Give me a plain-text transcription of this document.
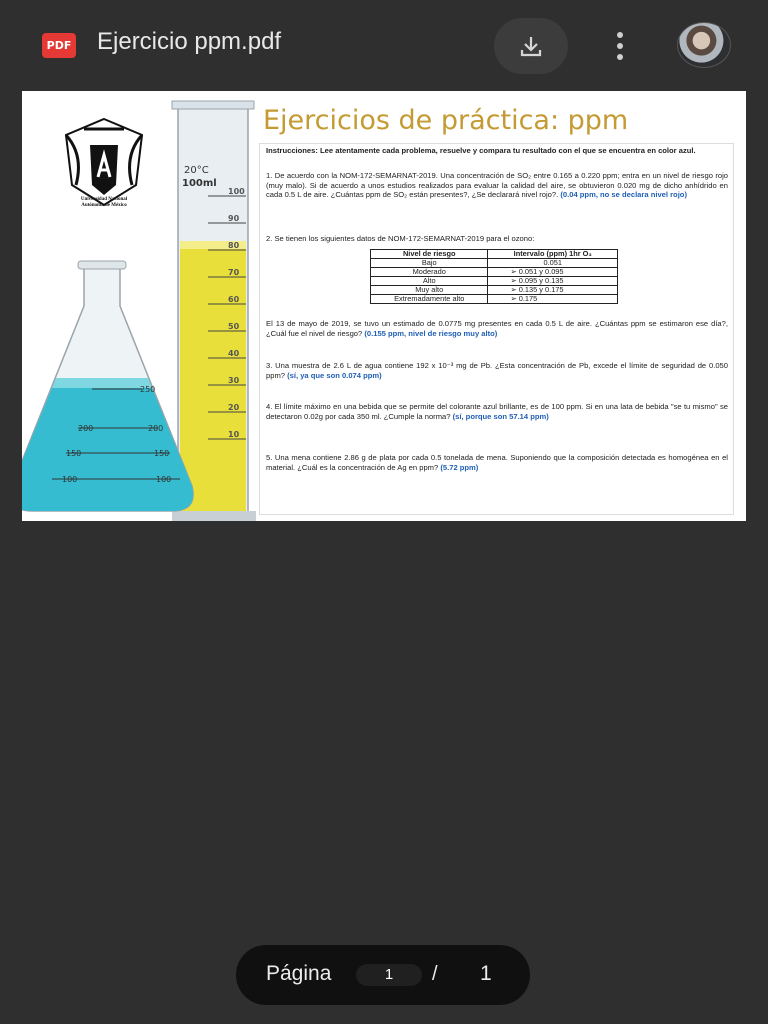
PDF Ejercicio ppm.pdf
20°C
100ml
100
90
80
70
60
50
40
30
20
10
250
200
150
100
200
150
100
Universidad Nacional
Autónoma de México
Ejercicios de práctica: ppm
Instrucciones: Lee atentamente cada problema, resuelve y compara tu resultado con el que se encuentra en color azul.
1. De acuerdo con la NOM-172-SEMARNAT-2019. Una concentración de SO₂ entre 0.165 a 0.220 ppm; entra en un nivel de riesgo rojo (muy malo). Si de acuerdo a unos estudios realizados para evaluar la calidad del aire, se obtuvieron 0.020 mg de dicho anhídrido en cada 0.5 L de aire. ¿Cuántas ppm de SO₂ están presentes?, ¿Se declarará nivel rojo?. (0.04 ppm, no se declara nivel rojo)
2. Se tienen los siguientes datos de NOM-172-SEMARNAT-2019 para el ozono:
Nivel de riesgo	Intervalo (ppm) 1hr O₃
Bajo	0.051
Moderado	➢ 0.051 y 0.095
Alto	➢ 0.095 y 0.135
Muy alto	➢ 0.135 y 0.175
Extremadamente alto	➢ 0.175
El 13 de mayo de 2019, se tuvo un estimado de 0.0775 mg presentes en cada 0.5 L de aire. ¿Cuántas ppm se estimaron ese día?, ¿Cuál fue el nivel de riesgo? (0.155 ppm, nivel de riesgo muy alto)
3. Una muestra de 2.6 L de agua contiene 192 x 10⁻³ mg de Pb. ¿Esta concentración de Pb, excede el límite de seguridad de 0.050 ppm? (sí, ya que son 0.074 ppm)
4. El límite máximo en una bebida que se permite del colorante azul brillante, es de 100 ppm. Si en una lata de bebida "se tu mismo" se detectaron 0.02g por cada 350 ml. ¿Cumple la norma? (sí, porque son 57.14 ppm)
5. Una mena contiene 2.86 g de plata por cada 0.5 tonelada de mena. Suponiendo que la composición detectada es homogénea en el material. ¿Cuál es la concentración de Ag en ppm? (5.72 ppm)
Página	1	/ 1
